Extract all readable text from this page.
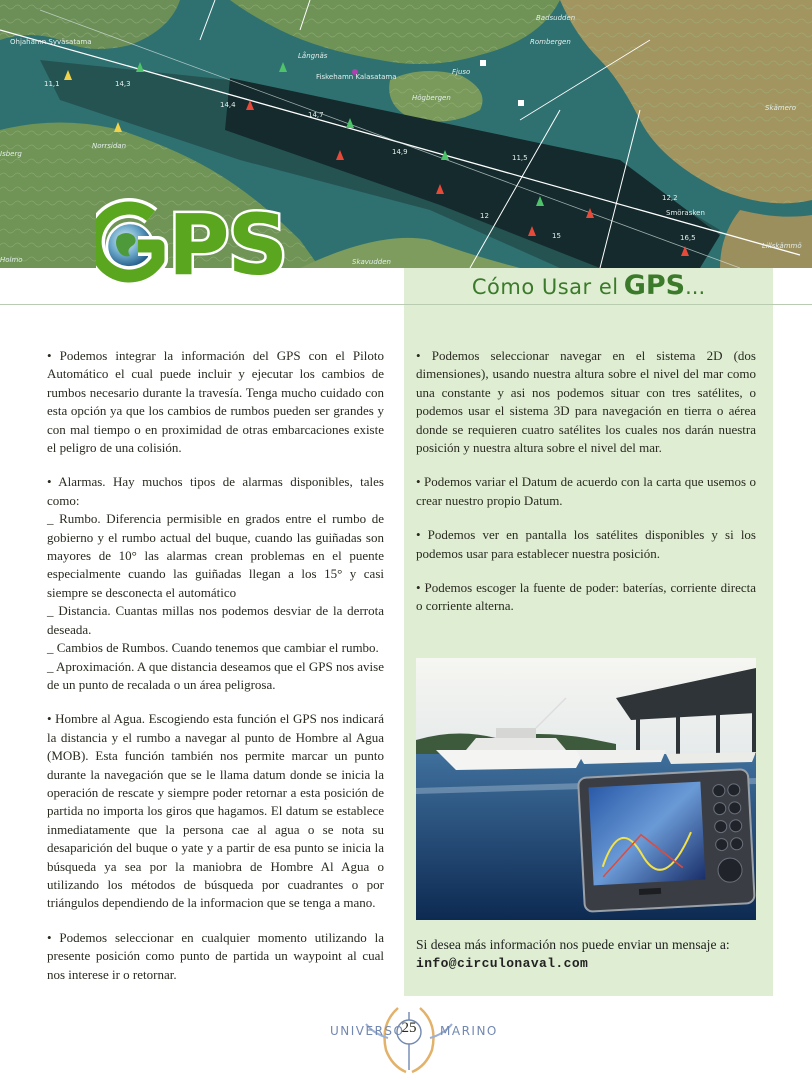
Ohjahamn Syväsatama
Långnäs
Badsudden
Rombergen
Fiskehamn Kalasatama
Fjuso
Högbergen
Skämero
Norrsidan
Isberg
Smörasken
Lillskämmö
Skavudden
Holmo
11,1	14,3
14,4
14,7
14,9
11,5
12
15
12,2
16,5
PS	Cómo Usar el GPS...

• Podemos integrar la información del GPS con el Piloto Automático el cual puede incluir y ejecutar los cambios de rumbos necesario durante la travesía. Tenga mucho cuidado con esta opción ya que los cambios de rumbos pueden ser grandes y con mal tiempo o en proximidad de otras embarcaciones existe el peligro de una colisión.

• Alarmas. Hay muchos tipos de alarmas disponibles, tales como:

_ Rumbo. Diferencia permisible en grados entre el rumbo de gobierno y el rumbo actual del buque, cuando las guiñadas son mayores de 10° las alarmas crean problemas en el puente especialmente cuando las guiñadas llegan a los 15° y casi siempre se desconecta el automático

_ Distancia. Cuantas millas nos podemos desviar de la derrota deseada.

_ Cambios de Rumbos. Cuando tenemos que cambiar el rumbo.

_ Aproximación. A que distancia deseamos que el GPS nos avise de un punto de recalada o un área peligrosa.

• Hombre al Agua. Escogiendo esta función el GPS nos indicará la distancia y el rumbo a navegar al punto de Hombre al Agua (MOB). Esta función también nos permite marcar un punto durante la navegación que se le llama datum donde se inicia la operación de rescate y siempre poder retornar a esta posición de partida no importa los giros que hagamos. El datum se establece inmediatamente que la persona cae al agua o se nota su desaparición del buque o yate y a partir de esa punto se inicia la búsqueda ya sea por la maniobra de Hombre Al Agua o utilizando los métodos de búsqueda por cuadrantes o por triángulos dependiendo de la informacion que se tenga a mano.

• Podemos seleccionar en cualquier momento utilizando la presente posición como punto de partida un waypoint al cual nos interese ir o retornar.

• Podemos seleccionar navegar en el sistema 2D (dos dimensiones), usando nuestra altura sobre el nivel del mar como una constante y asi nos podemos situar con tres satélites, o podemos usar el sistema 3D para navegación en tierra o aérea donde se requieren cuatro satélites los cuales nos darán nuestra posición y nuestra altura sobre el nivel del mar.

• Podemos variar el Datum de acuerdo con la carta que usemos o crear nuestro propio Datum.

• Podemos ver en pantalla los satélites disponibles y si los podemos usar para establecer nuestra posición.

• Podemos escoger la fuente de poder: baterías, corriente directa o corriente alterna.

Si desea más información nos puede enviar un mensaje a:
info@circulonaval.com
UNIVERSO
25 MARINO
